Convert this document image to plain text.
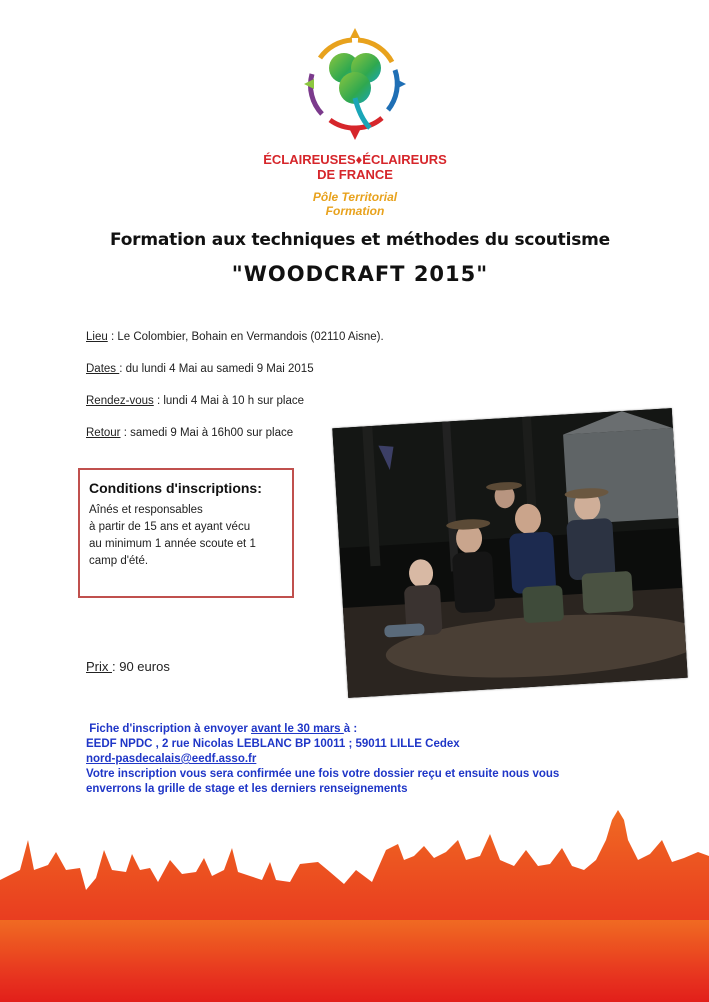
ÉCLAIREUSES♦ÉCLAIREURS
DE FRANCE
Pôle Territorial
Formation
Formation aux techniques et méthodes du scoutisme
"WOODCRAFT 2015"
Lieu : Le Colombier, Bohain en Vermandois (02110 Aisne).
Dates : du lundi 4 Mai au samedi 9 Mai 2015
Rendez-vous : lundi 4 Mai à 10 h sur place
Retour : samedi 9 Mai à 16h00 sur place
Conditions d'inscriptions:
Aînés et responsables
à partir de 15 ans et ayant vécu
au minimum 1 année scoute et 1
camp d'été.
Prix : 90 euros
Fiche d'inscription à envoyer avant le 30 mars à :
EEDF NPDC , 2 rue Nicolas LEBLANC BP 10011 ; 59011 LILLE Cedex
nord-pasdecalais@eedf.asso.fr
Votre inscription vous sera confirmée une fois votre dossier reçu et ensuite nous vous
enverrons la grille de stage et les derniers renseignements
